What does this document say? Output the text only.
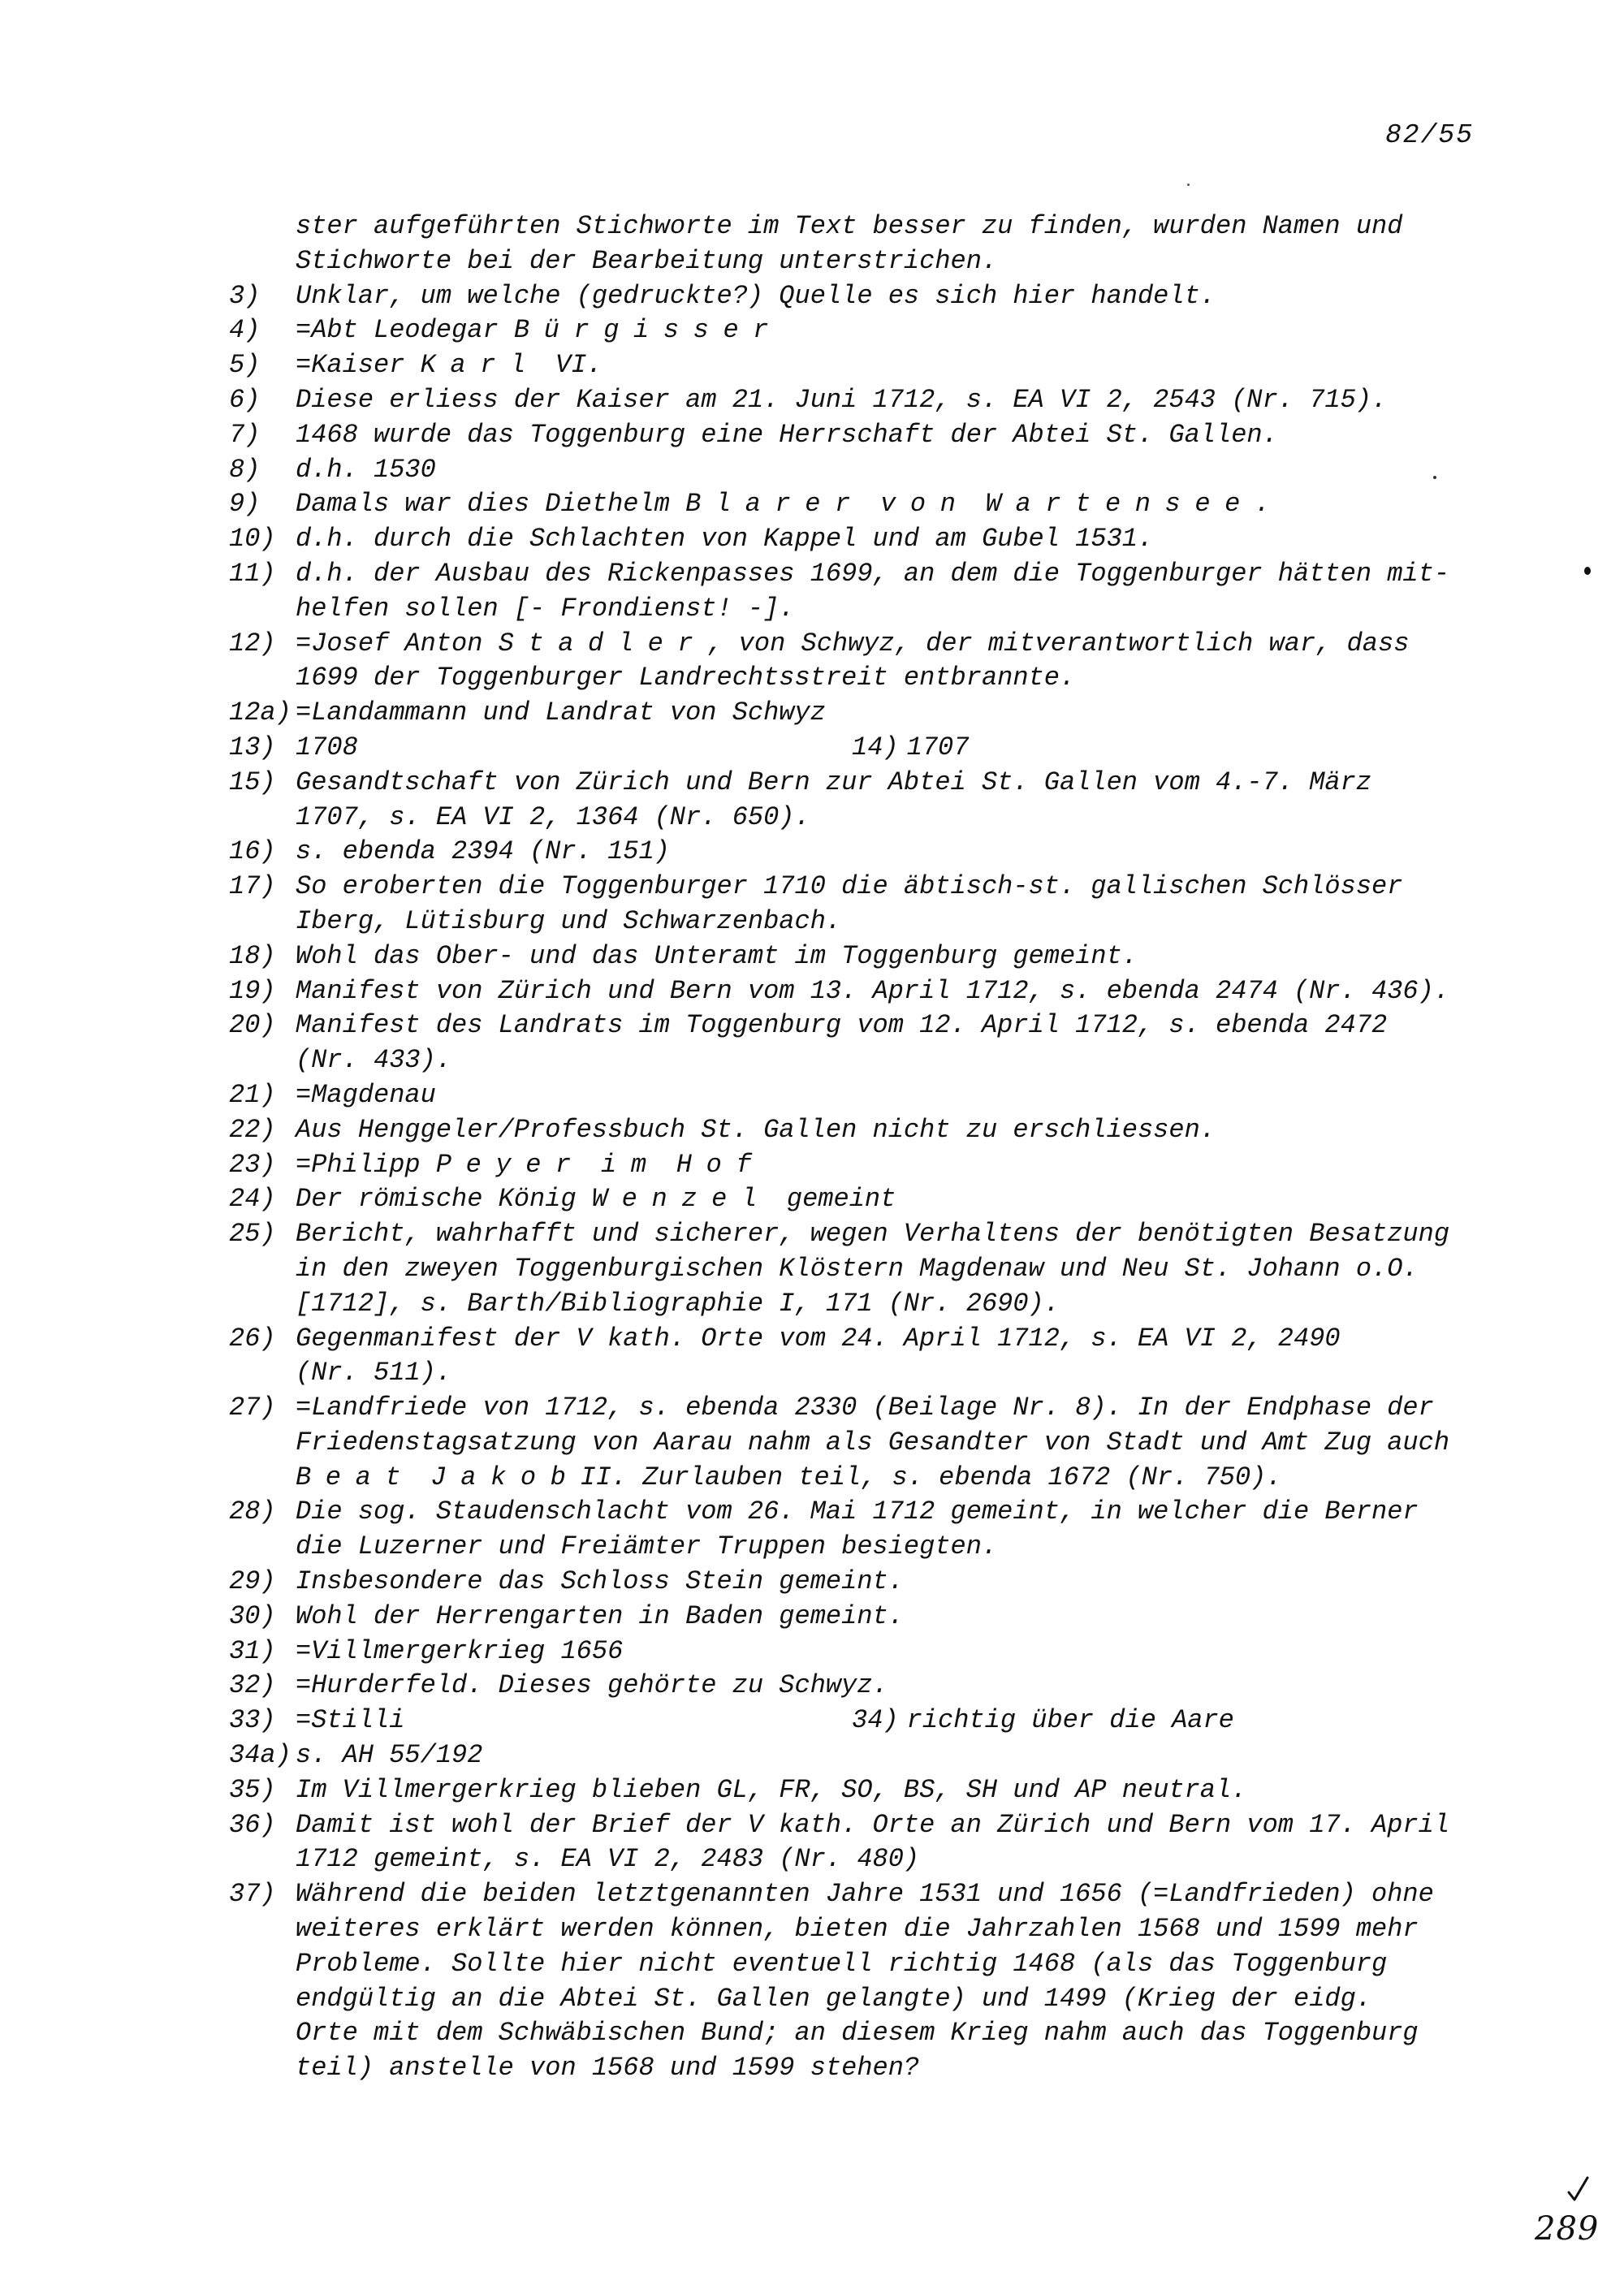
82/55
ster aufgeführten Stichworte im Text besser zu finden, wurden Namen und
Stichworte bei der Bearbeitung unterstrichen.
3) Unklar, um welche (gedruckte?) Quelle es sich hier handelt.
4) =Abt Leodegar Bürgisser
5) =Kaiser Karl VI.
6) Diese erliess der Kaiser am 21. Juni 1712, s. EA VI 2, 2543 (Nr. 715).
7) 1468 wurde das Toggenburg eine Herrschaft der Abtei St. Gallen.
8) d.h. 1530
9) Damals war dies Diethelm Blarer von Wartensee.
10) d.h. durch die Schlachten von Kappel und am Gubel 1531.
11) d.h. der Ausbau des Rickenpasses 1699, an dem die Toggenburger hätten mit-
helfen sollen [- Frondienst! -].
12) =Josef Anton Stadler, von Schwyz, der mitverantwortlich war, dass
1699 der Toggenburger Landrechtsstreit entbrannte.
12a) =Landammann und Landrat von Schwyz
13) 1708	14) 1707
15) Gesandtschaft von Zürich und Bern zur Abtei St. Gallen vom 4.-7. März
1707, s. EA VI 2, 1364 (Nr. 650).
16) s. ebenda 2394 (Nr. 151)
17) So eroberten die Toggenburger 1710 die äbtisch-st. gallischen Schlösser
Iberg, Lütisburg und Schwarzenbach.
18) Wohl das Ober- und das Unteramt im Toggenburg gemeint.
19) Manifest von Zürich und Bern vom 13. April 1712, s. ebenda 2474 (Nr. 436).
20) Manifest des Landrats im Toggenburg vom 12. April 1712, s. ebenda 2472
(Nr. 433).
21) =Magdenau
22) Aus Henggeler/Professbuch St. Gallen nicht zu erschliessen.
23) =Philipp Peyer im Hof
24) Der römische König Wenzel gemeint
25) Bericht, wahrhafft und sicherer, wegen Verhaltens der benötigten Besatzung
in den zweyen Toggenburgischen Klöstern Magdenaw und Neu St. Johann o.O.
[1712], s. Barth/Bibliographie I, 171 (Nr. 2690).
26) Gegenmanifest der V kath. Orte vom 24. April 1712, s. EA VI 2, 2490
(Nr. 511).
27) =Landfriede von 1712, s. ebenda 2330 (Beilage Nr. 8). In der Endphase der
Friedenstagsatzung von Aarau nahm als Gesandter von Stadt und Amt Zug auch
Beat JakobII. Zurlauben teil, s. ebenda 1672 (Nr. 750).
28) Die sog. Staudenschlacht vom 26. Mai 1712 gemeint, in welcher die Berner
die Luzerner und Freiämter Truppen besiegten.
29) Insbesondere das Schloss Stein gemeint.
30) Wohl der Herrengarten in Baden gemeint.
31) =Villmergerkrieg 1656
32) =Hurderfeld. Dieses gehörte zu Schwyz.
33) =Stilli	34) richtig über die Aare
34a) s. AH 55/192
35) Im Villmergerkrieg blieben GL, FR, SO, BS, SH und AP neutral.
36) Damit ist wohl der Brief der V kath. Orte an Zürich und Bern vom 17. April
1712 gemeint, s. EA VI 2, 2483 (Nr. 480)
37) Während die beiden letztgenannten Jahre 1531 und 1656 (=Landfrieden) ohne
weiteres erklärt werden können, bieten die Jahrzahlen 1568 und 1599 mehr
Probleme. Sollte hier nicht eventuell richtig 1468 (als das Toggenburg
endgültig an die Abtei St. Gallen gelangte) und 1499 (Krieg der eidg.
Orte mit dem Schwäbischen Bund; an diesem Krieg nahm auch das Toggenburg
teil) anstelle von 1568 und 1599 stehen?
289
